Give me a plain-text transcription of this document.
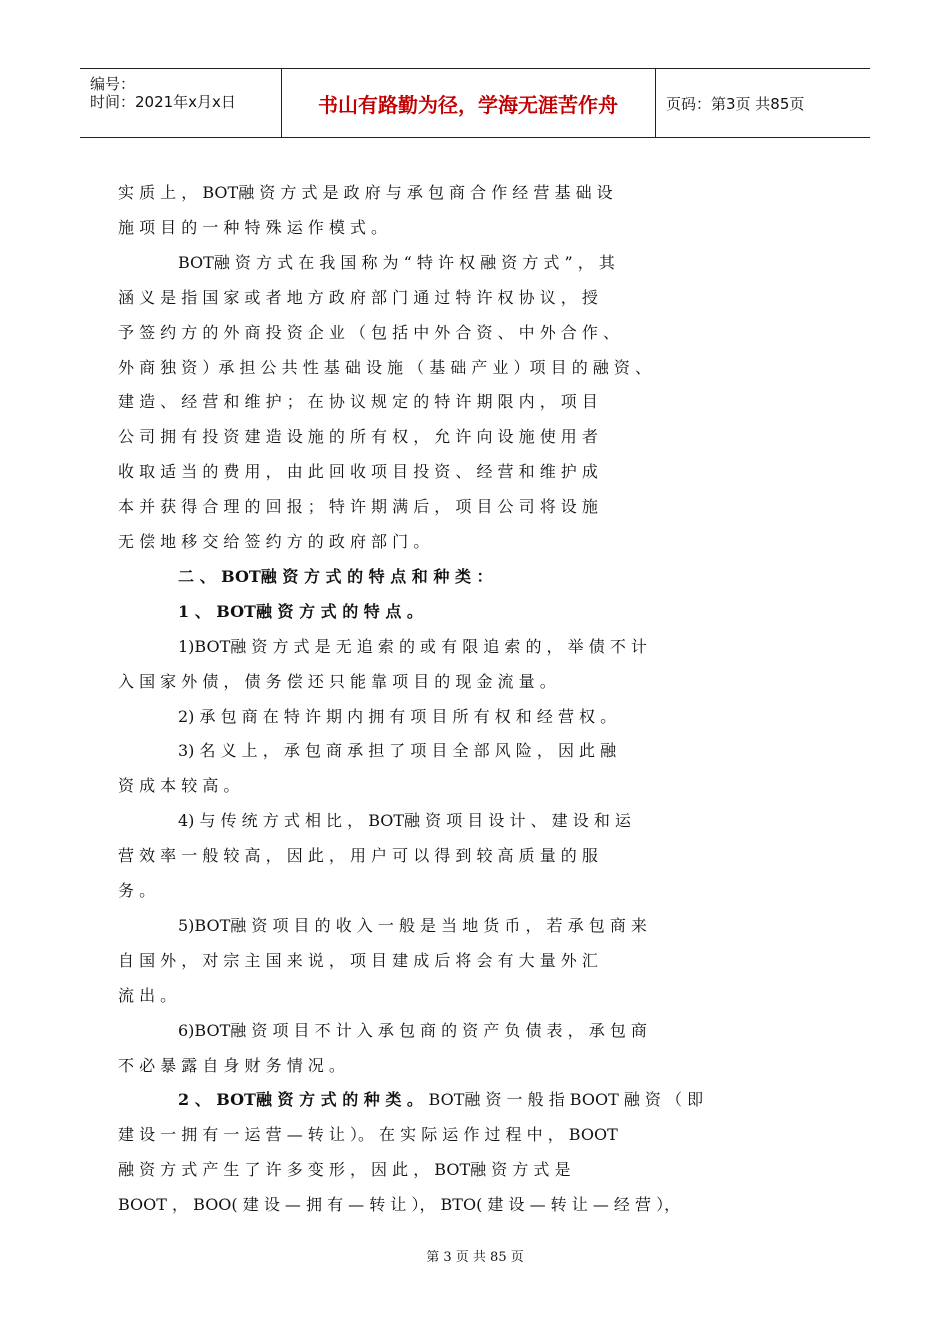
编号：
时间：2021年x月x日	书山有路勤为径，学海无涯苦作舟	页码：第3页 共85页
实 质 上 ， BOT融 资 方 式 是 政 府 与 承 包 商 合 作 经 营 基 础 设
施 项 目 的 一 种 特 殊 运 作 模 式 。
BOT融 资 方 式 在 我 国 称 为 “ 特 许 权 融 资 方 式 ” ， 其
涵 义 是 指 国 家 或 者 地 方 政 府 部 门 通 过 特 许 权 协 议 ， 授
予 签 约 方 的 外 商 投 资 企 业 （ 包 括 中 外 合 资 、 中 外 合 作 、
外 商 独 资 ）承 担 公 共 性 基 础 设 施 （ 基 础 产 业 ）项 目 的 融 资 、
建 造 、 经 营 和 维 护 ； 在 协 议 规 定 的 特 许 期 限 内 ， 项 目
公 司 拥 有 投 资 建 造 设 施 的 所 有 权 ， 允 许 向 设 施 使 用 者
收 取 适 当 的 费 用 ， 由 此 回 收 项 目 投 资 、 经 营 和 维 护 成
本 并 获 得 合 理 的 回 报 ； 特 许 期 满 后 ， 项 目 公 司 将 设 施
无 偿 地 移 交 给 签 约 方 的 政 府 部 门 。
二 、 BOT融 资 方 式 的 特 点 和 种 类 ：
1 、 BOT融 资 方 式 的 特 点 。
1)BOT融 资 方 式 是 无 追 索 的 或 有 限 追 索 的 ， 举 债 不 计
入 国 家 外 债 ， 债 务 偿 还 只 能 靠 项 目 的 现 金 流 量 。
2) 承 包 商 在 特 许 期 内 拥 有 项 目 所 有 权 和 经 营 权 。
3) 名 义 上 ， 承 包 商 承 担 了 项 目 全 部 风 险 ， 因 此 融
资 成 本 较 高 。
4) 与 传 统 方 式 相 比 ， BOT融 资 项 目 设 计 、 建 设 和 运
营 效 率 一 般 较 高 ， 因 此 ， 用 户 可 以 得 到 较 高 质 量 的 服
务 。
5)BOT融 资 项 目 的 收 入 一 般 是 当 地 货 币 ， 若 承 包 商 来
自 国 外 ， 对 宗 主 国 来 说 ， 项 目 建 成 后 将 会 有 大 量 外 汇
流 出 。
6)BOT融 资 项 目 不 计 入 承 包 商 的 资 产 负 债 表 ， 承 包 商
不 必 暴 露 自 身 财 务 情 况 。
2 、 BOT融 资 方 式 的 种 类 。 BOT融 资 一 般 指 BOOT 融 资 （ 即
建 设 一 拥 有 一 运 营 — 转 让 ）。 在 实 际 运 作 过 程 中 ， BOOT
融 资 方 式 产 生 了 许 多 变 形 ， 因 此 ， BOT融 资 方 式 是
BOOT ， BOO( 建 设 — 拥 有 — 转 让 ）， BTO( 建 设 — 转 让 — 经 营 ），
第 3 页 共 85 页
